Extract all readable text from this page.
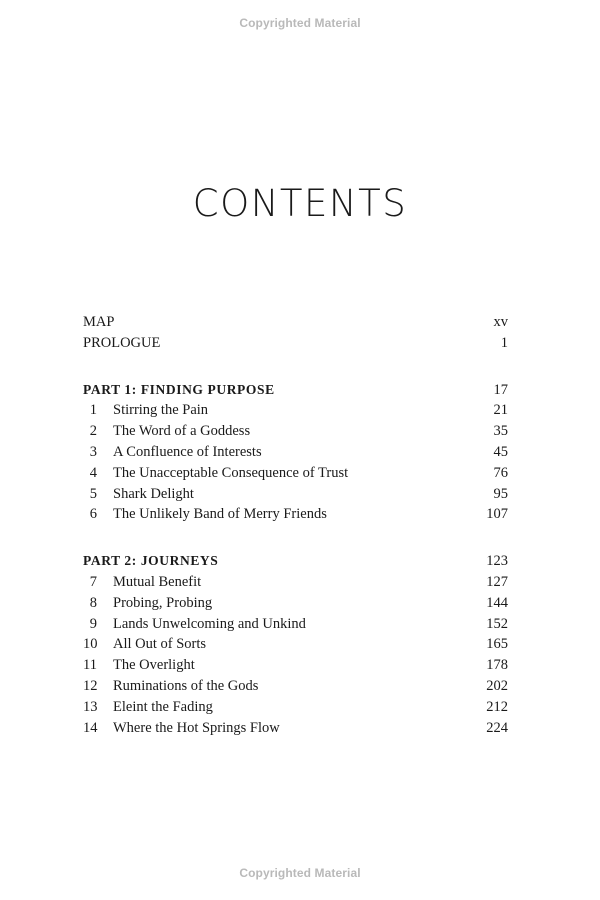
Copyrighted Material
CONTENTS
MAP	xv
PROLOGUE	1
PART 1: FINDING PURPOSE	17
1 Stirring the Pain	21
2 The Word of a Goddess	35
3 A Confluence of Interests	45
4 The Unacceptable Consequence of Trust	76
5 Shark Delight	95
6 The Unlikely Band of Merry Friends	107
PART 2: JOURNEYS	123
7 Mutual Benefit	127
8 Probing, Probing	144
9 Lands Unwelcoming and Unkind	152
10 All Out of Sorts	165
11 The Overlight	178
12 Ruminations of the Gods	202
13 Eleint the Fading	212
14 Where the Hot Springs Flow	224
Copyrighted Material
